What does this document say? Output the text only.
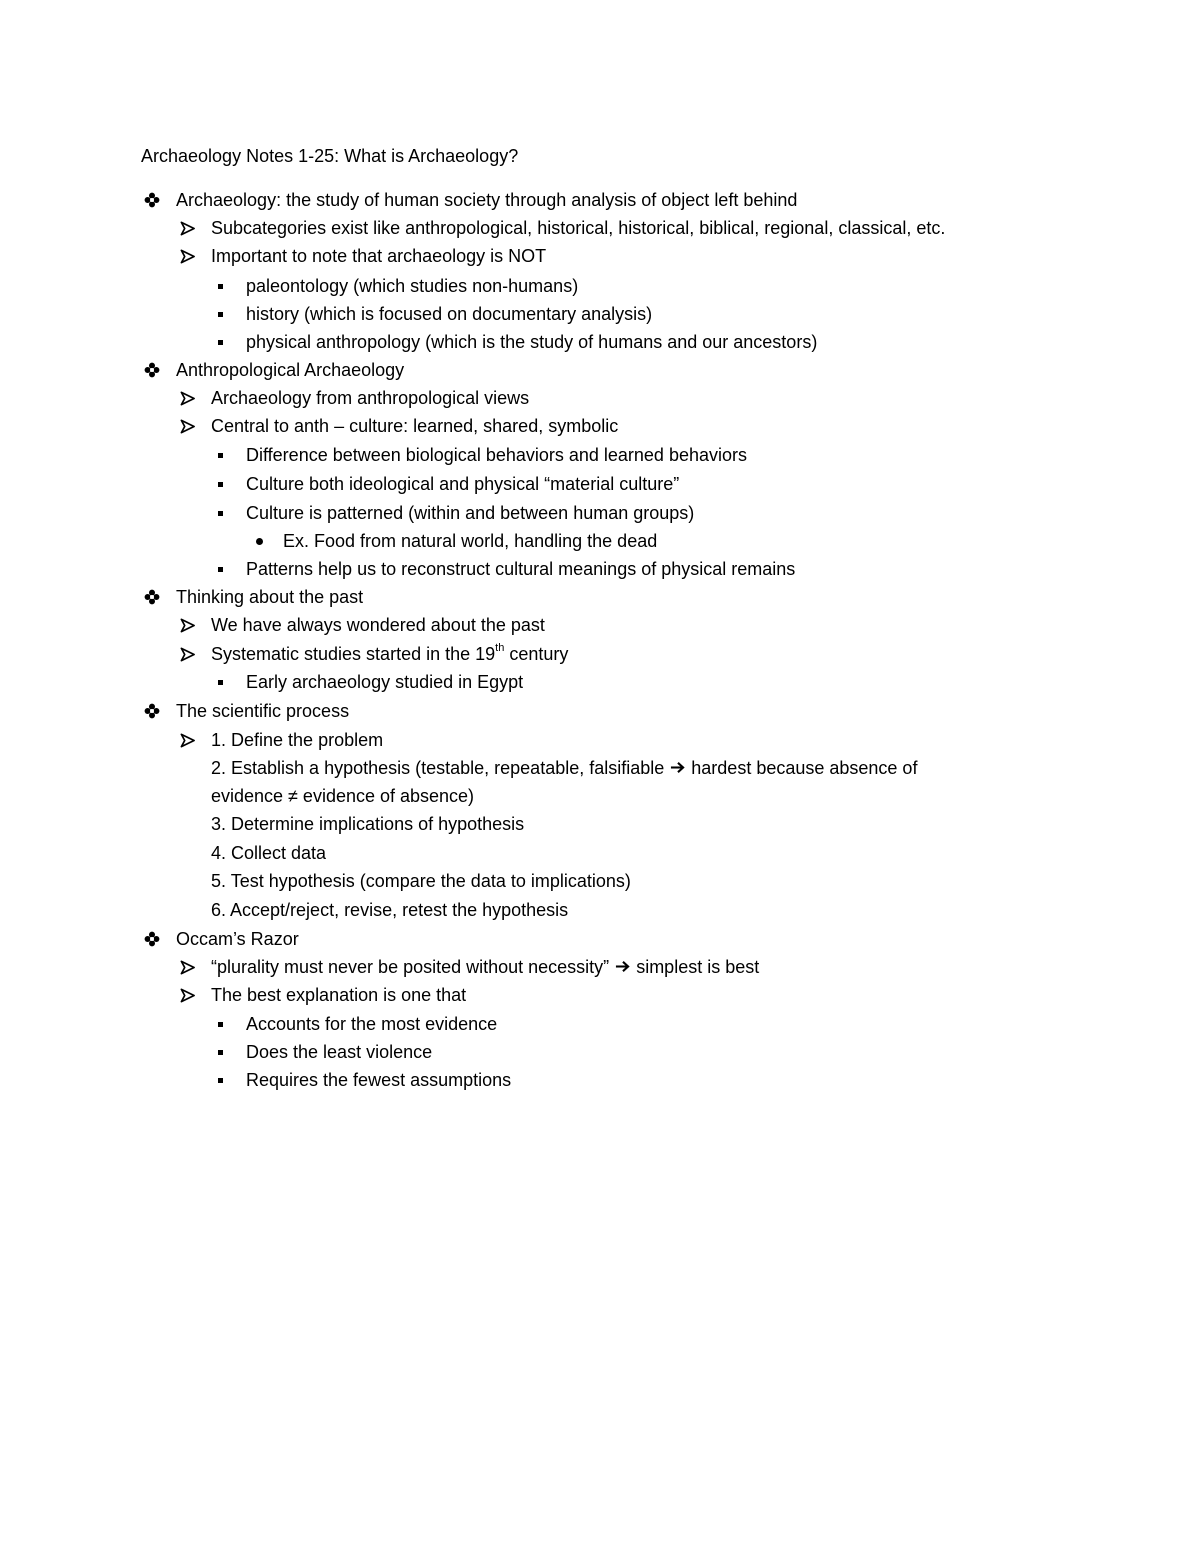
Archaeology Notes 1-25: What is Archaeology?
Archaeology: the study of human society through analysis of object left behind
Subcategories exist like anthropological, historical, historical, biblical, regional, classical, etc.
Important to note that archaeology is NOT
paleontology (which studies non-humans)
history (which is focused on documentary analysis)
physical anthropology (which is the study of humans and our ancestors)
Anthropological Archaeology
Archaeology from anthropological views
Central to anth – culture: learned, shared, symbolic
Difference between biological behaviors and learned behaviors
Culture both ideological and physical “material culture”
Culture is patterned (within and between human groups)
Ex. Food from natural world, handling the dead
Patterns help us to reconstruct cultural meanings of physical remains
Thinking about the past
We have always wondered about the past
Systematic studies started in the 19th century
Early archaeology studied in Egypt
The scientific process
1. Define the problem
2. Establish a hypothesis (testable, repeatable, falsifiable  hardest because absence of
evidence ≠ evidence of absence)
3. Determine implications of hypothesis
4. Collect data
5. Test hypothesis (compare the data to implications)
6. Accept/reject, revise, retest the hypothesis
Occam’s Razor
“plurality must never be posited without necessity”  simplest is best
The best explanation is one that
Accounts for the most evidence
Does the least violence
Requires the fewest assumptions
